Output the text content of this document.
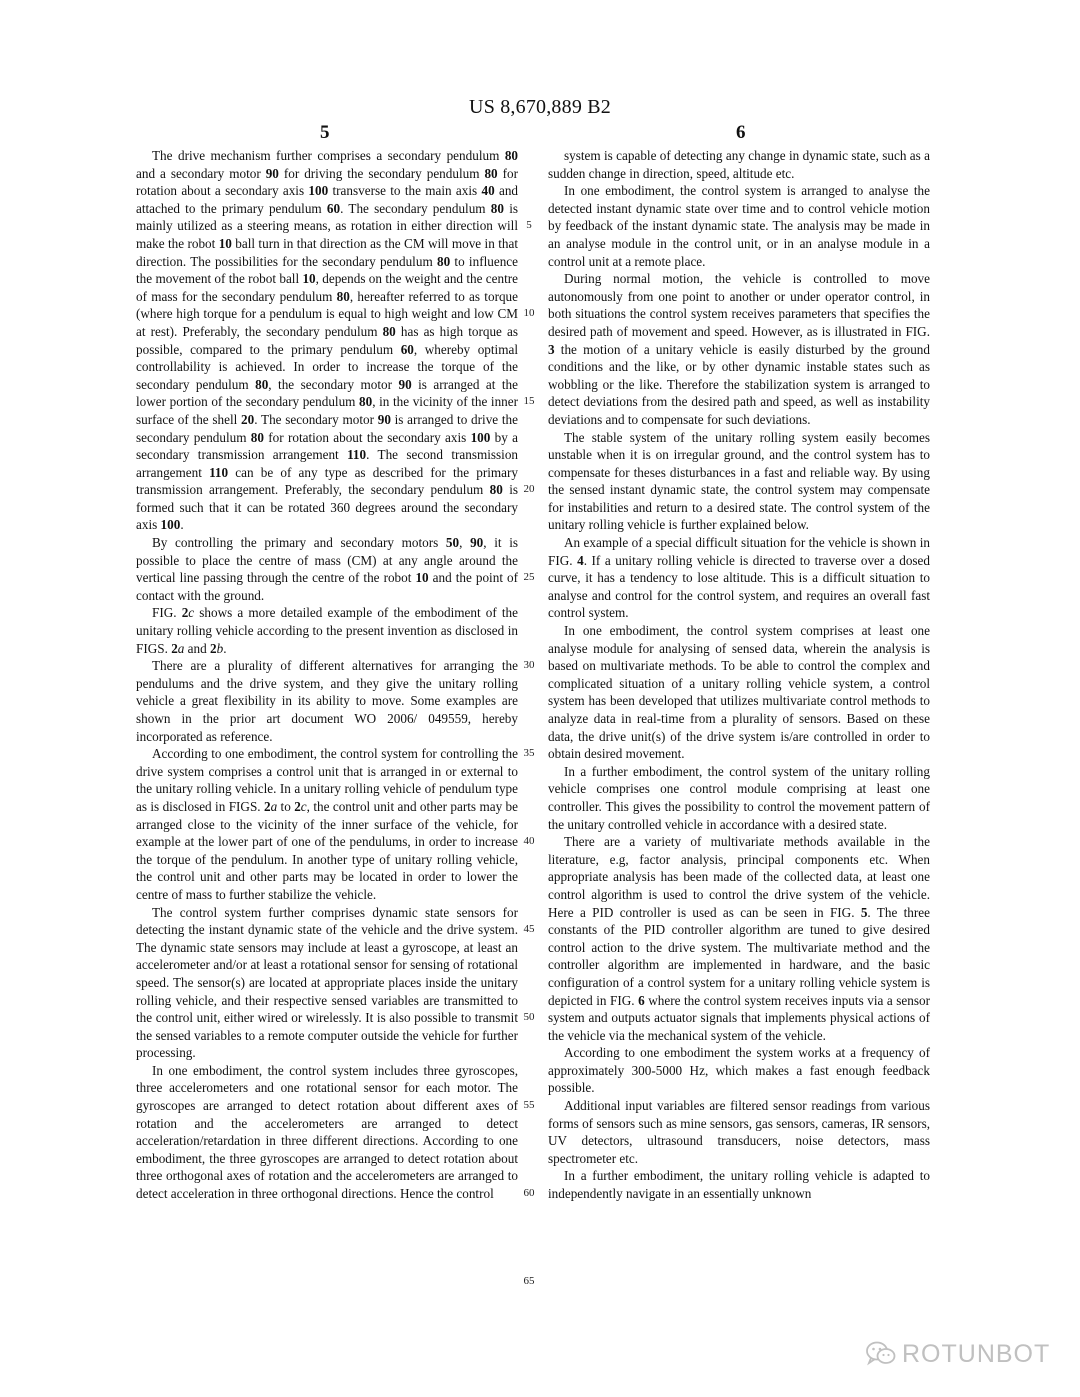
US 8,670,889 B2
5	6

The drive mechanism further comprises a secondary pendulum 80 and a secondary motor 90 for driving the secondary pendulum 80 for rotation about a secondary axis 100 transverse to the main axis 40 and attached to the primary pendulum 60. The secondary pendulum 80 is mainly utilized as a steering means, as rotation in either direction will make the robot 10 ball turn in that direction as the CM will move in that direction. The possibilities for the secondary pendulum 80 to influence the movement of the robot ball 10, depends on the weight and the centre of mass for the secondary pendulum 80, hereafter referred to as torque (where high torque for a pendulum is equal to high weight and low CM at rest). Preferably, the secondary pendulum 80 has as high torque as possible, compared to the primary pendulum 60, whereby optimal controllability is achieved. In order to increase the torque of the secondary pendulum 80, the secondary motor 90 is arranged at the lower portion of the secondary pendulum 80, in the vicinity of the inner surface of the shell 20. The secondary motor 90 is arranged to drive the secondary pendulum 80 for rotation about the secondary axis 100 by a secondary transmission arrangement 110. The second transmission arrangement 110 can be of any type as described for the primary transmission arrangement. Preferably, the secondary pendulum 80 is formed such that it can be rotated 360 degrees around the secondary axis 100.

By controlling the primary and secondary motors 50, 90, it is possible to place the centre of mass (CM) at any angle around the vertical line passing through the centre of the robot 10 and the point of contact with the ground.

FIG. 2c shows a more detailed example of the embodiment of the unitary rolling vehicle according to the present invention as disclosed in FIGS. 2a and 2b.

There are a plurality of different alternatives for arranging the pendulums and the drive system, and they give the unitary rolling vehicle a great flexibility in its ability to move. Some examples are shown in the prior art document WO 2006/ 049559, hereby incorporated as reference.

According to one embodiment, the control system for controlling the drive system comprises a control unit that is arranged in or external to the unitary rolling vehicle. In a unitary rolling vehicle of pendulum type as is disclosed in FIGS. 2a to 2c, the control unit and other parts may be arranged close to the vicinity of the inner surface of the vehicle, for example at the lower part of one of the pendulums, in order to increase the torque of the pendulum. In another type of unitary rolling vehicle, the control unit and other parts may be located in order to lower the centre of mass to further stabilize the vehicle.

The control system further comprises dynamic state sensors for detecting the instant dynamic state of the vehicle and the drive system. The dynamic state sensors may include at least a gyroscope, at least an accelerometer and/or at least a rotational sensor for sensing of rotational speed. The sensor(s) are located at appropriate places inside the unitary rolling vehicle, and their respective sensed variables are transmitted to the control unit, either wired or wirelessly. It is also possible to transmit the sensed variables to a remote computer outside the vehicle for further processing.

In one embodiment, the control system includes three gyroscopes, three accelerometers and one rotational sensor for each motor. The gyroscopes are arranged to detect rotation about different axes of rotation and the accelerometers are arranged to detect acceleration/retardation in three different directions. According to one embodiment, the three gyroscopes are arranged to detect rotation about three orthogonal axes of rotation and the accelerometers are arranged to detect acceleration in three orthogonal directions. Hence the control

5
10
15
20
25
30
35
40
45
50
55
60
65

system is capable of detecting any change in dynamic state, such as a sudden change in direction, speed, altitude etc.

In one embodiment, the control system is arranged to analyse the detected instant dynamic state over time and to control vehicle motion by feedback of the instant dynamic state. The analysis may be made in an analyse module in the control unit, or in an analyse module in a control unit at a remote place.

During normal motion, the vehicle is controlled to move autonomously from one point to another or under operator control, in both situations the control system receives parameters that specifies the desired path of movement and speed. However, as is illustrated in FIG. 3 the motion of a unitary vehicle is easily disturbed by the ground conditions and the like, or by other dynamic instable states such as wobbling or the like. Therefore the stabilization system is arranged to detect deviations from the desired path and speed, as well as instability deviations and to compensate for such deviations.

The stable system of the unitary rolling system easily becomes unstable when it is on irregular ground, and the control system has to compensate for theses disturbances in a fast and reliable way. By using the sensed instant dynamic state, the control system may compensate for instabilities and return to a desired state. The control system of the unitary rolling vehicle is further explained below.

An example of a special difficult situation for the vehicle is shown in FIG. 4. If a unitary rolling vehicle is directed to traverse over a dosed curve, it has a tendency to lose altitude. This is a difficult situation to analyse and control for the control system, and requires an overall fast control system.

In one embodiment, the control system comprises at least one analyse module for analysing of sensed data, wherein the analysis is based on multivariate methods. To be able to control the complex and complicated situation of a unitary rolling vehicle system, a control system has been developed that utilizes multivariate control methods to analyze data in real-time from a plurality of sensors. Based on these data, the drive unit(s) of the drive system is/are controlled in order to obtain desired movement.

In a further embodiment, the control system of the unitary rolling vehicle comprises one control module comprising at least one controller. This gives the possibility to control the movement pattern of the unitary controlled vehicle in accordance with a desired state.

There are a variety of multivariate methods available in the literature, e.g, factor analysis, principal components etc. When appropriate analysis has been made of the collected data, at least one control algorithm is used to control the drive system of the vehicle. Here a PID controller is used as can be seen in FIG. 5. The three constants of the PID controller algorithm are tuned to give desired control action to the drive system. The multivariate method and the controller algorithm are implemented in hardware, and the basic configuration of a control system for a unitary rolling vehicle system is depicted in FIG. 6 where the control system receives inputs via a sensor system and outputs actuator signals that implements physical actions of the vehicle via the mechanical system of the vehicle.

According to one embodiment the system works at a frequency of approximately 300-5000 Hz, which makes a fast enough feedback possible.

Additional input variables are filtered sensor readings from various forms of sensors such as mine sensors, gas sensors, cameras, IR sensors, UV detectors, ultrasound transducers, noise detectors, mass spectrometer etc.

In a further embodiment, the unitary rolling vehicle is adapted to independently navigate in an essentially unknown

ROTUNBOT
